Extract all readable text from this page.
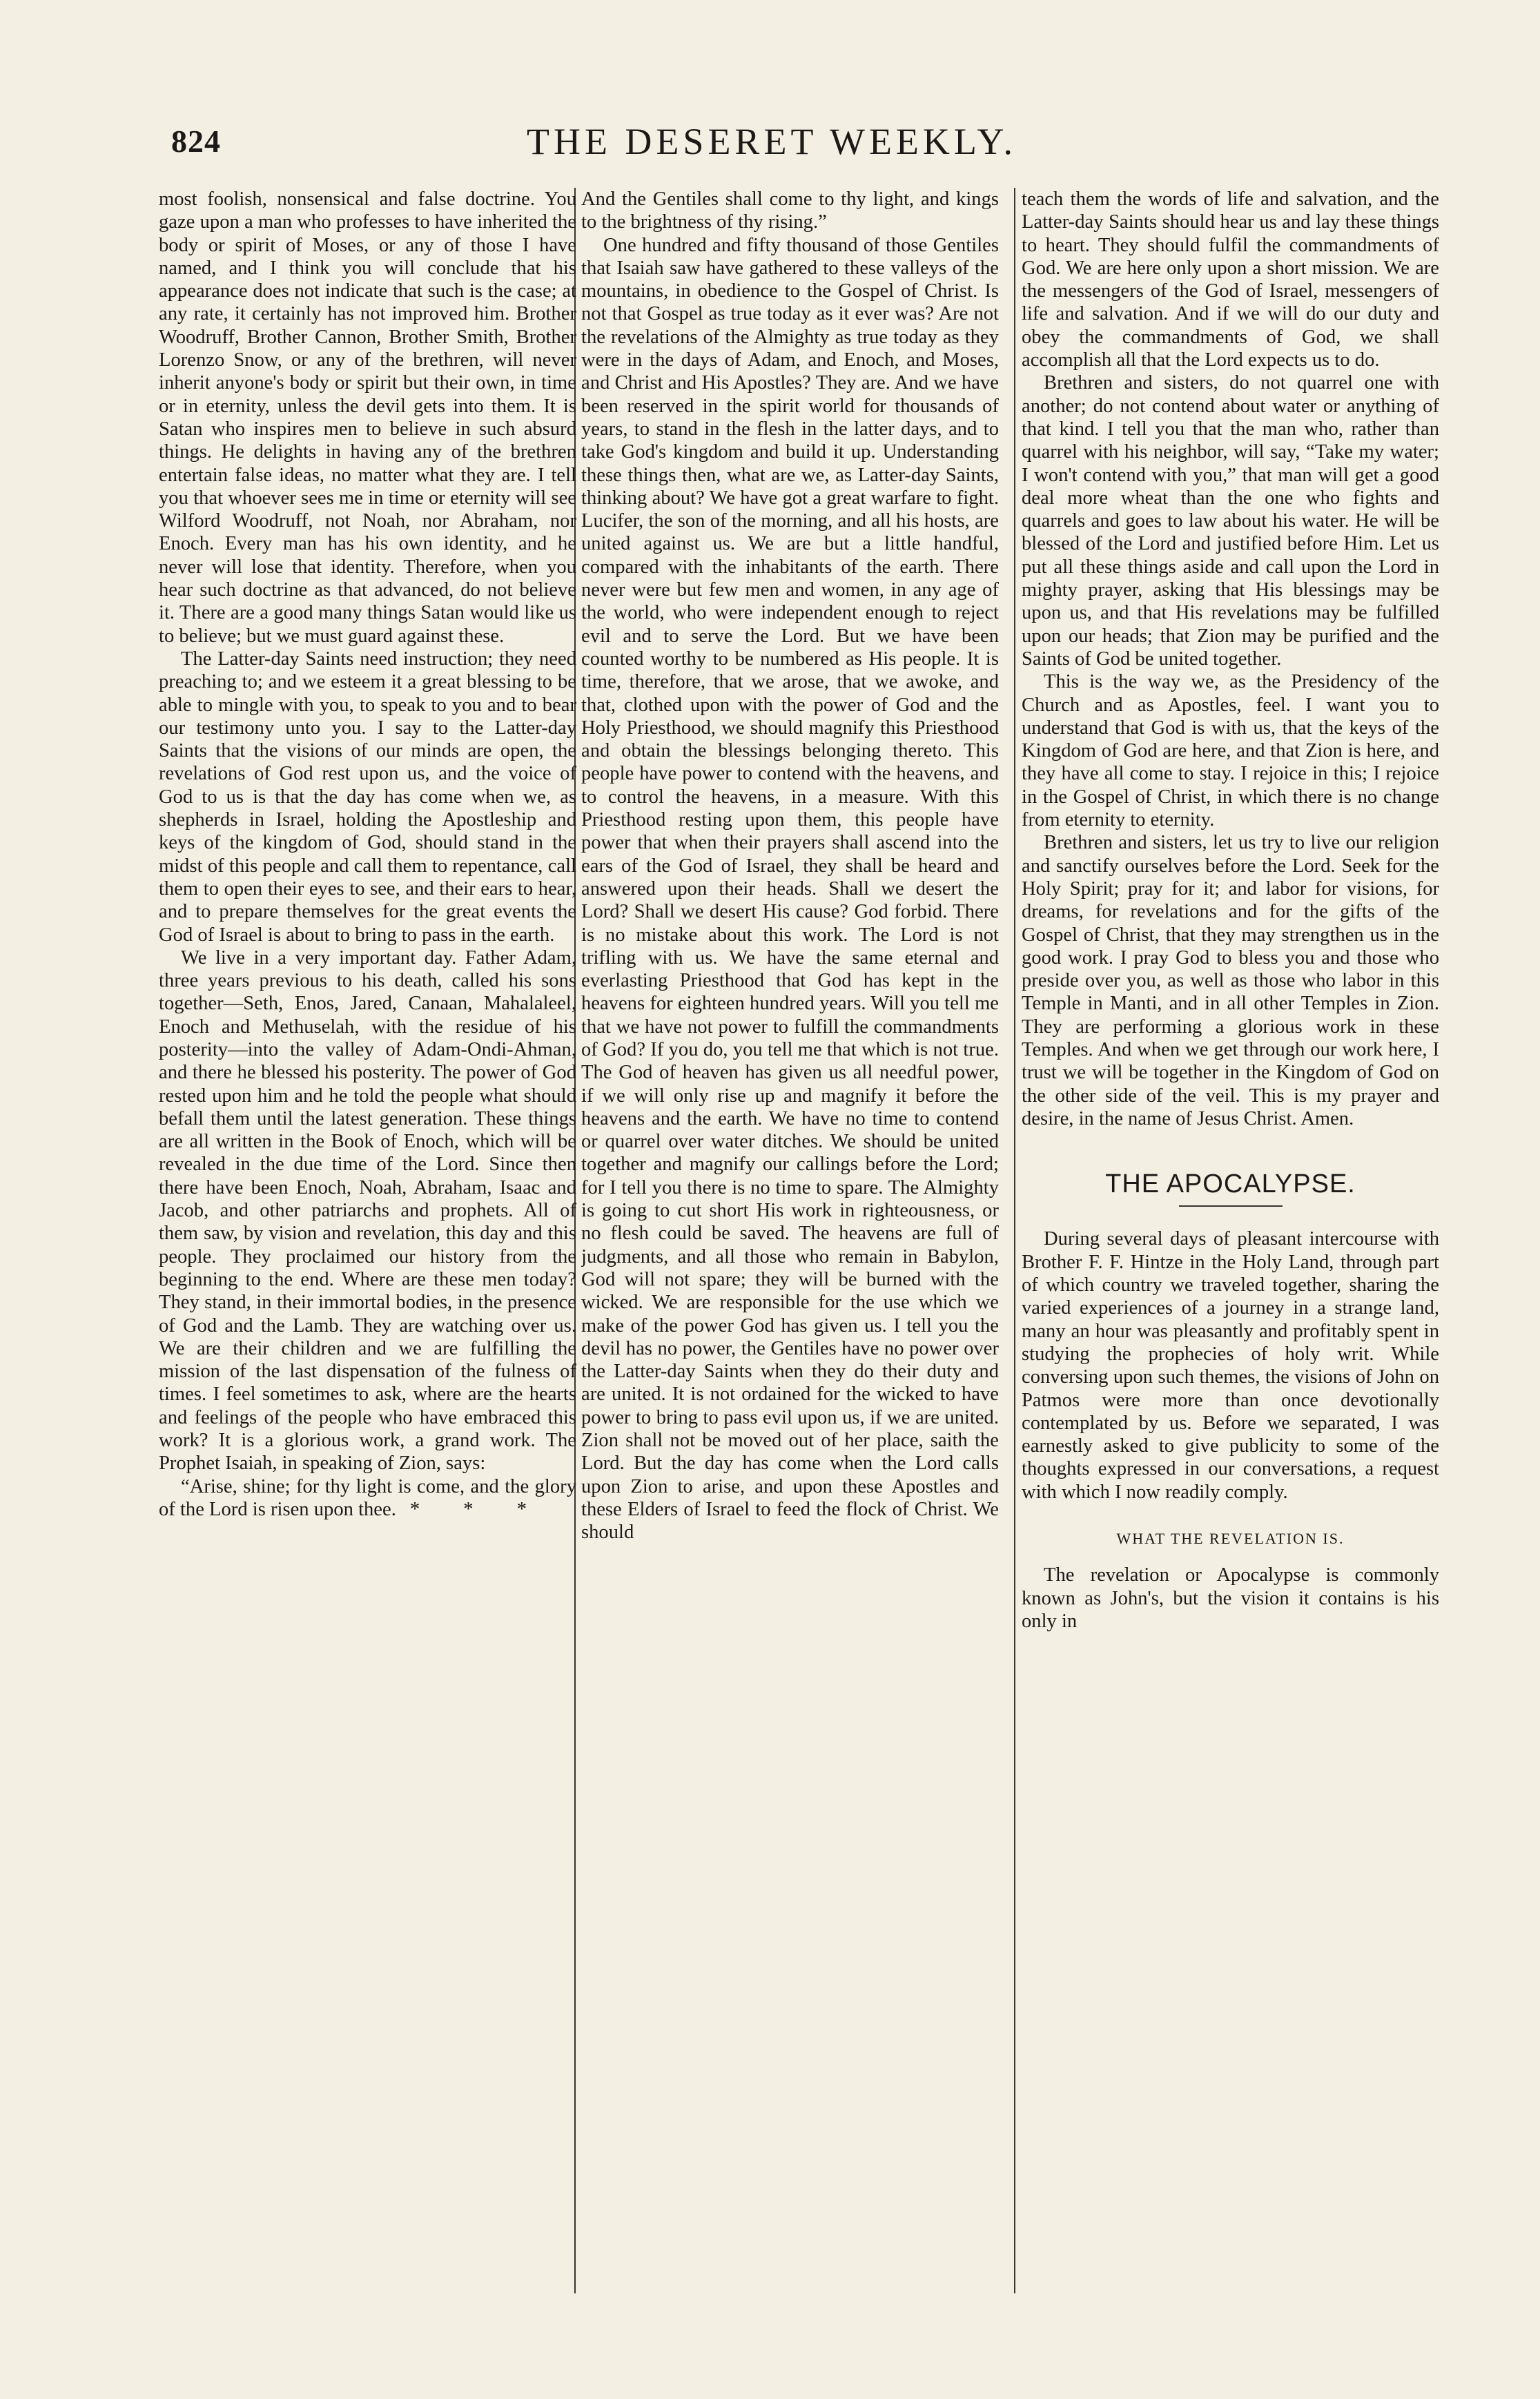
824	THE DESERET WEEKLY.

most foolish, nonsensical and false doctrine. You gaze upon a man who professes to have inherited the body or spirit of Moses, or any of those I have named, and I think you will conclude that his appearance does not indicate that such is the case; at any rate, it certainly has not improved him. Brother Woodruff, Brother Cannon, Brother Smith, Brother Lorenzo Snow, or any of the brethren, will never inherit anyone's body or spirit but their own, in time or in eternity, unless the devil gets into them. It is Satan who inspires men to believe in such absurd things. He delights in having any of the brethren entertain false ideas, no matter what they are. I tell you that whoever sees me in time or eternity will see Wilford Woodruff, not Noah, nor Abraham, nor Enoch. Every man has his own identity, and he never will lose that identity. Therefore, when you hear such doctrine as that advanced, do not believe it. There are a good many things Satan would like us to believe; but we must guard against these.

The Latter-day Saints need instruction; they need preaching to; and we esteem it a great blessing to be able to mingle with you, to speak to you and to bear our testimony unto you. I say to the Latter-day Saints that the visions of our minds are open, the revelations of God rest upon us, and the voice of God to us is that the day has come when we, as shepherds in Israel, holding the Apostleship and keys of the kingdom of God, should stand in the midst of this people and call them to repentance, call them to open their eyes to see, and their ears to hear, and to prepare themselves for the great events the God of Israel is about to bring to pass in the earth.

We live in a very important day. Father Adam, three years previous to his death, called his sons together—Seth, Enos, Jared, Canaan, Mahalaleel, Enoch and Methuselah, with the residue of his posterity—into the valley of Adam-Ondi-Ahman, and there he blessed his posterity. The power of God rested upon him and he told the people what should befall them until the latest generation. These things are all written in the Book of Enoch, which will be revealed in the due time of the Lord. Since then there have been Enoch, Noah, Abraham, Isaac and Jacob, and other patriarchs and prophets. All of them saw, by vision and revelation, this day and this people. They proclaimed our history from the beginning to the end. Where are these men today? They stand, in their immortal bodies, in the presence of God and the Lamb. They are watching over us. We are their children and we are fulfilling the mission of the last dispensation of the fulness of times. I feel sometimes to ask, where are the hearts and feelings of the people who have embraced this work? It is a glorious work, a grand work. The Prophet Isaiah, in speaking of Zion, says:

“Arise, shine; for thy light is come, and the glory of the Lord is risen upon thee. * * *

And the Gentiles shall come to thy light, and kings to the brightness of thy rising.”

One hundred and fifty thousand of those Gentiles that Isaiah saw have gathered to these valleys of the mountains, in obedience to the Gospel of Christ. Is not that Gospel as true today as it ever was? Are not the revelations of the Almighty as true today as they were in the days of Adam, and Enoch, and Moses, and Christ and His Apostles? They are. And we have been reserved in the spirit world for thousands of years, to stand in the flesh in the latter days, and to take God's kingdom and build it up. Understanding these things then, what are we, as Latter-day Saints, thinking about? We have got a great warfare to fight. Lucifer, the son of the morning, and all his hosts, are united against us. We are but a little handful, compared with the inhabitants of the earth. There never were but few men and women, in any age of the world, who were independent enough to reject evil and to serve the Lord. But we have been counted worthy to be numbered as His people. It is time, therefore, that we arose, that we awoke, and that, clothed upon with the power of God and the Holy Priesthood, we should magnify this Priesthood and obtain the blessings belonging thereto. This people have power to contend with the heavens, and to control the heavens, in a measure. With this Priesthood resting upon them, this people have power that when their prayers shall ascend into the ears of the God of Israel, they shall be heard and answered upon their heads. Shall we desert the Lord? Shall we desert His cause? God forbid. There is no mistake about this work. The Lord is not trifling with us. We have the same eternal and everlasting Priesthood that God has kept in the heavens for eighteen hundred years. Will you tell me that we have not power to fulfill the commandments of God? If you do, you tell me that which is not true. The God of heaven has given us all needful power, if we will only rise up and magnify it before the heavens and the earth. We have no time to contend or quarrel over water ditches. We should be united together and magnify our callings before the Lord; for I tell you there is no time to spare. The Almighty is going to cut short His work in righteousness, or no flesh could be saved. The heavens are full of judgments, and all those who remain in Babylon, God will not spare; they will be burned with the wicked. We are responsible for the use which we make of the power God has given us. I tell you the devil has no power, the Gentiles have no power over the Latter-day Saints when they do their duty and are united. It is not ordained for the wicked to have power to bring to pass evil upon us, if we are united. Zion shall not be moved out of her place, saith the Lord. But the day has come when the Lord calls upon Zion to arise, and upon these Apostles and these Elders of Israel to feed the flock of Christ. We should

teach them the words of life and salvation, and the Latter-day Saints should hear us and lay these things to heart. They should fulfil the commandments of God. We are here only upon a short mission. We are the messengers of the God of Israel, messengers of life and salvation. And if we will do our duty and obey the commandments of God, we shall accomplish all that the Lord expects us to do.

Brethren and sisters, do not quarrel one with another; do not contend about water or anything of that kind. I tell you that the man who, rather than quarrel with his neighbor, will say, “Take my water; I won't contend with you,” that man will get a good deal more wheat than the one who fights and quarrels and goes to law about his water. He will be blessed of the Lord and justified before Him. Let us put all these things aside and call upon the Lord in mighty prayer, asking that His blessings may be upon us, and that His revelations may be fulfilled upon our heads; that Zion may be purified and the Saints of God be united together.

This is the way we, as the Presidency of the Church and as Apostles, feel. I want you to understand that God is with us, that the keys of the Kingdom of God are here, and that Zion is here, and they have all come to stay. I rejoice in this; I rejoice in the Gospel of Christ, in which there is no change from eternity to eternity.

Brethren and sisters, let us try to live our religion and sanctify ourselves before the Lord. Seek for the Holy Spirit; pray for it; and labor for visions, for dreams, for revelations and for the gifts of the Gospel of Christ, that they may strengthen us in the good work. I pray God to bless you and those who preside over you, as well as those who labor in this Temple in Manti, and in all other Temples in Zion. They are performing a glorious work in these Temples. And when we get through our work here, I trust we will be together in the Kingdom of God on the other side of the veil. This is my prayer and desire, in the name of Jesus Christ. Amen.

THE APOCALYPSE.

During several days of pleasant intercourse with Brother F. F. Hintze in the Holy Land, through part of which country we traveled together, sharing the varied experiences of a journey in a strange land, many an hour was pleasantly and profitably spent in studying the prophecies of holy writ. While conversing upon such themes, the visions of John on Patmos were more than once devotionally contemplated by us. Before we separated, I was earnestly asked to give publicity to some of the thoughts expressed in our conversations, a request with which I now readily comply.

WHAT THE REVELATION IS.

The revelation or Apocalypse is commonly known as John's, but the vision it contains is his only in
